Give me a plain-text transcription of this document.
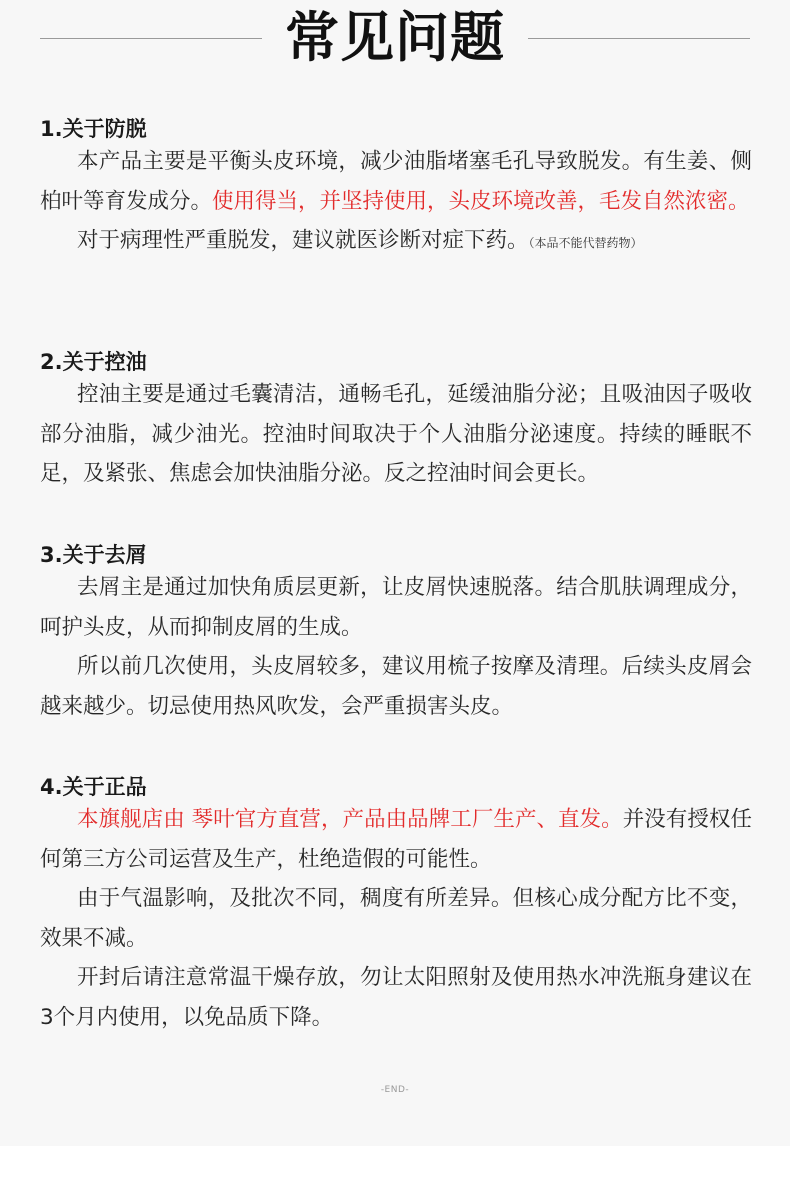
常见问题

1.关于防脱

本产品主要是平衡头皮环境，减少油脂堵塞毛孔导致脱发。有生姜、侧柏叶等育发成分。使用得当，并坚持使用，头皮环境改善，毛发自然浓密。

对于病理性严重脱发，建议就医诊断对症下药。（本品不能代替药物）

2.关于控油

控油主要是通过毛囊清洁，通畅毛孔，延缓油脂分泌；且吸油因子吸收部分油脂，减少油光。控油时间取决于个人油脂分泌速度。持续的睡眠不足，及紧张、焦虑会加快油脂分泌。反之控油时间会更长。

3.关于去屑

去屑主是通过加快角质层更新，让皮屑快速脱落。结合肌肤调理成分，呵护头皮，从而抑制皮屑的生成。

所以前几次使用，头皮屑较多，建议用梳子按摩及清理。后续头皮屑会越来越少。切忌使用热风吹发，会严重损害头皮。

4.关于正品

本旗舰店由 琴叶官方直营，产品由品牌工厂生产、直发。并没有授权任何第三方公司运营及生产，杜绝造假的可能性。

由于气温影响，及批次不同，稠度有所差异。但核心成分配方比不变，效果不减。

开封后请注意常温干燥存放，勿让太阳照射及使用热水冲洗瓶身建议在3个月内使用，以免品质下降。

-END-
